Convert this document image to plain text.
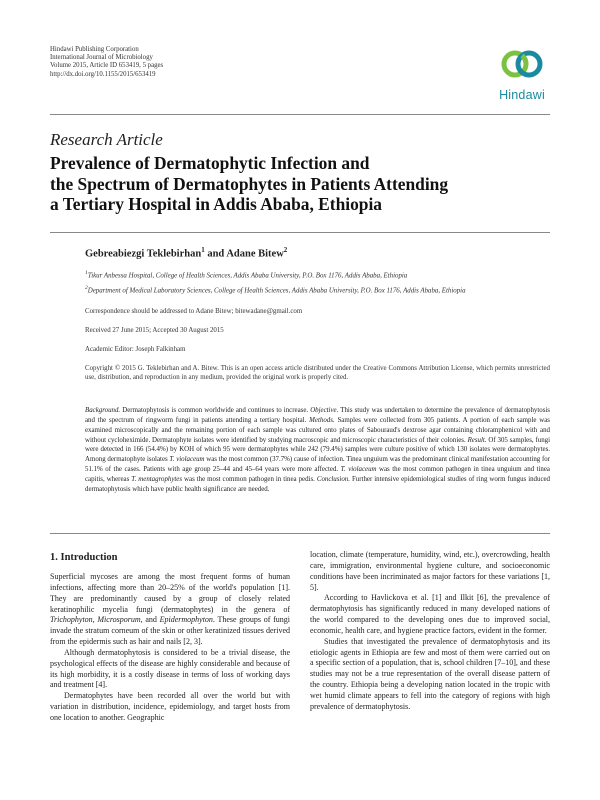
Hindawi Publishing Corporation
International Journal of Microbiology
Volume 2015, Article ID 653419, 5 pages
http://dx.doi.org/10.1155/2015/653419
Hindawi
Research Article
Prevalence of Dermatophytic Infection and
the Spectrum of Dermatophytes in Patients Attending
a Tertiary Hospital in Addis Ababa, Ethiopia
Gebreabiezgi Teklebirhan$^1$ and Adane Bitew$^2$
$^1$Tikur Anbessa Hospital, College of Health Sciences, Addis Ababa University, P.O. Box 1176, Addis Ababa, Ethiopia
$^2$Department of Medical Laboratory Sciences, College of Health Sciences, Addis Ababa University, P.O. Box 1176, Addis Ababa, Ethiopia
Correspondence should be addressed to Adane Bitew; bitewadane@gmail.com
Received 27 June 2015; Accepted 30 August 2015
Academic Editor: Joseph Falkinham
Copyright © 2015 G. Teklebirhan and A. Bitew. This is an open access article distributed under the Creative Commons Attribution License, which permits unrestricted use, distribution, and reproduction in any medium, provided the original work is properly cited.
Background. Dermatophytosis is common worldwide and continues to increase. Objective. This study was undertaken to determine the prevalence of dermatophytosis and the spectrum of ringworm fungi in patients attending a tertiary hospital. Methods. Samples were collected from 305 patients. A portion of each sample was examined microscopically and the remaining portion of each sample was cultured onto plates of Sabouraud's dextrose agar containing chloramphenicol with and without cycloheximide. Dermatophyte isolates were identified by studying macroscopic and microscopic characteristics of their colonies. Result. Of 305 samples, fungi were detected in 166 (54.4%) by KOH of which 95 were dermatophytes while 242 (79.4%) samples were culture positive of which 130 isolates were dermatophytes. Among dermatophyte isolates T. violaceum was the most common (37.7%) cause of infection. Tinea unguium was the predominant clinical manifestation accounting for 51.1% of the cases. Patients with age group 25–44 and 45–64 years were more affected. T. violaceum was the most common pathogen in tinea unguium and tinea capitis, whereas T. mentagrophytes was the most common pathogen in tinea pedis. Conclusion. Further intensive epidemiological studies of ring worm fungus induced dermatophytosis which have public health significance are needed.
1. Introduction

Superficial mycoses are among the most frequent forms of human infections, affecting more than 20–25% of the world's population [1]. They are predominantly caused by a group of closely related keratinophilic mycelia fungi (dermatophytes) in the genera of Trichophyton, Microsporum, and Epidermophyton. These groups of fungi invade the stratum corneum of the skin or other keratinized tissues derived from the epidermis such as hair and nails [2, 3].

Although dermatophytosis is considered to be a trivial disease, the psychological effects of the disease are highly considerable and because of its high morbidity, it is a costly disease in terms of loss of working days and treatment [4].

Dermatophytes have been recorded all over the world but with variation in distribution, incidence, epidemiology, and target hosts from one location to another. Geographic

location, climate (temperature, humidity, wind, etc.), overcrowding, health care, immigration, environmental hygiene culture, and socioeconomic conditions have been incriminated as major factors for these variations [1, 5].

According to Havlickova et al. [1] and Ilkit [6], the prevalence of dermatophytosis has significantly reduced in many developed nations of the world compared to the developing ones due to improved social, economic, health care, and hygiene practice factors, evident in the former.

Studies that investigated the prevalence of dermatophytosis and its etiologic agents in Ethiopia are few and most of them were carried out on a specific section of a population, that is, school children [7–10], and these studies may not be a true representation of the overall disease pattern of the country. Ethiopia being a developing nation located in the tropic with wet humid climate appears to fell into the category of regions with high prevalence of dermatophytosis.
